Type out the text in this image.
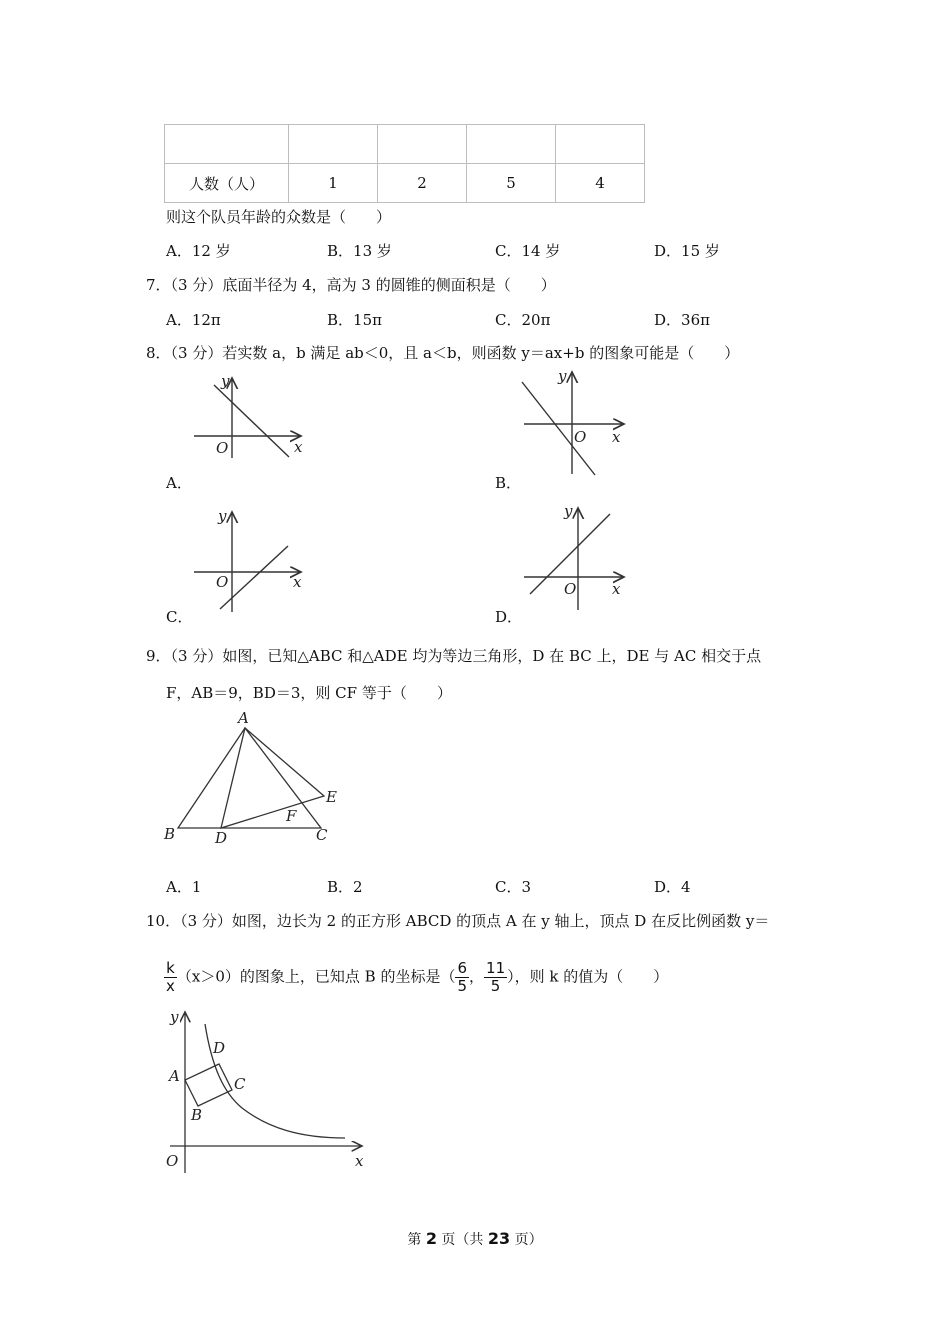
人数（人）	1	2	5	4
则这个队员年龄的众数是（　　）
A．12 岁	B．13 岁	C．14 岁	D．15 岁
7．（3 分）底面半径为 4，高为 3 的圆锥的侧面积是（　　）
A．12π	B．15π	C．20π	D．36π
8．（3 分）若实数 a，b 满足 ab＜0，且 a＜b，则函数 y＝ax+b 的图象可能是（　　）
y
x
O
A．
y
x
O
B．
y
x
O
C．
y
x
O
D．
9．（3 分）如图，已知△ABC 和△ADE 均为等边三角形，D 在 BC 上，DE 与 AC 相交于点
F，AB＝9，BD＝3，则 CF 等于（　　）
A
B	C
D
E
F
A．1	B．2	C．3	D．4
10．（3 分）如图，边长为 2 的正方形 ABCD 的顶点 A 在 y 轴上，顶点 D 在反比例函数 y＝
$\frac{k}{x} (x>0)$的图象上，已知点 B 的坐标是（ $\frac{6}{5}$ ， $\frac{11}{5}$ ），则 k 的值为（　　）
y
x
O
A
B
C
D
第 2 页（共 23 页）
